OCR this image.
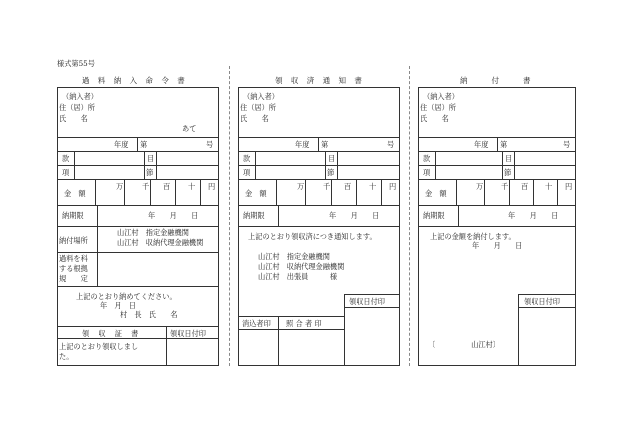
様式第55号
過 料 納 入 命 令 書
（納入者）
住（居）所
氏　　名
あて
年度 第	号
款	目
項	節
金　額
万	千 百 十 円
納期限	年　　月　　日
納付場所
山江村　指定金融機関
山江村　収納代理金融機関
過料を科
する根拠
規　　定
上記のとおり納めてください。
年　月　日
村　長　氏　　名
領　収　証　書	領収日付印
上記のとおり領収しまし
た。
領 収 済 通 知 書
（納入者）
住（居）所
氏　　名
年度 第	号
款	目
項	節
金　額
万	千 百 十 円
納期限	年　　月　　日
上記のとおり領収済につき通知します。
山江村　指定金融機関
山江村　収納代理金融機関
山江村　出張員　　　様
領収日付印
消込者印 照 合 者 印
納　　付　　書
（納入者）
住（居）所
氏　　名
年度 第	号
款	目
項	節
金　額
万 千 百 十 円
納期限	年　　月　　日
上記の金額を納付します。
年　　月　　日
領収日付印
〔　　　　　山江村〕
